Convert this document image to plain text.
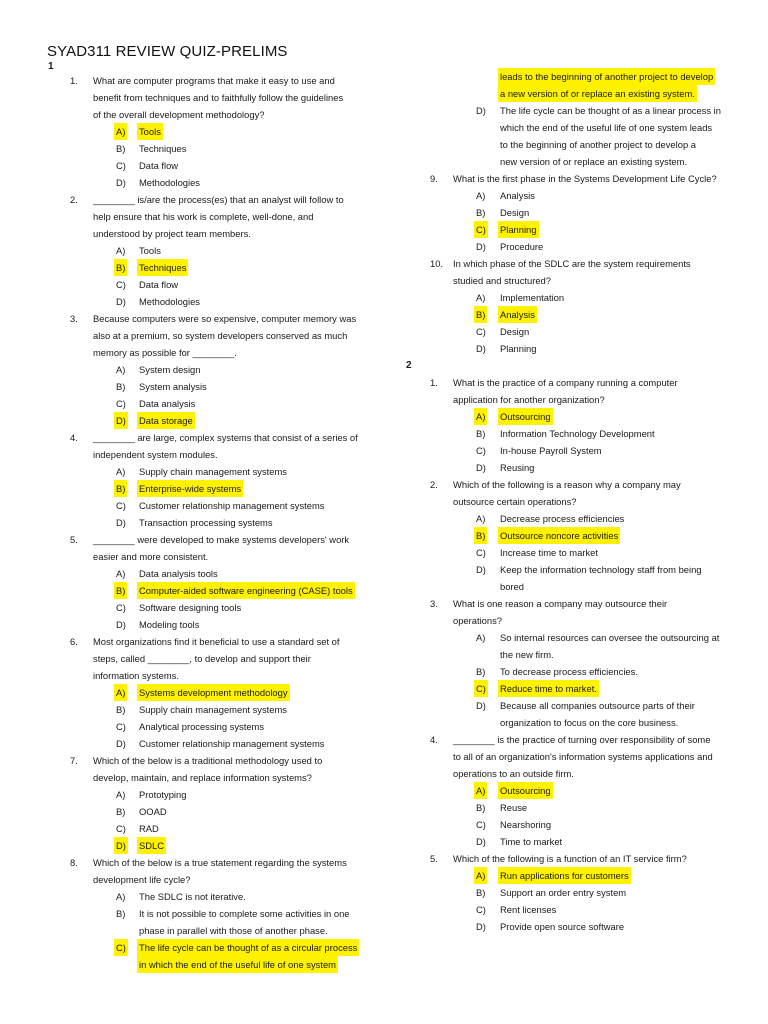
SYAD311 REVIEW QUIZ-PRELIMS
1
1. What are computer programs that make it easy to use and
benefit from techniques and to faithfully follow the guidelines
of the overall development methodology?
A) Tools
B) Techniques
C) Data flow
D) Methodologies
2. ________ is/are the process(es) that an analyst will follow to
help ensure that his work is complete, well-done, and
understood by project team members.
A) Tools
B) Techniques
C) Data flow
D) Methodologies
3. Because computers were so expensive, computer memory was
also at a premium, so system developers conserved as much
memory as possible for ________.
A) System design
B) System analysis
C) Data analysis
D) Data storage
4. ________ are large, complex systems that consist of a series of
independent system modules.
A) Supply chain management systems
B) Enterprise-wide systems
C) Customer relationship management systems
D) Transaction processing systems
5. ________ were developed to make systems developers' work
easier and more consistent.
A) Data analysis tools
B) Computer-aided software engineering (CASE) tools
C) Software designing tools
D) Modeling tools
6. Most organizations find it beneficial to use a standard set of
steps, called ________, to develop and support their
information systems.
A) Systems development methodology
B) Supply chain management systems
C) Analytical processing systems
D) Customer relationship management systems
7. Which of the below is a traditional methodology used to
develop, maintain, and replace information systems?
A) Prototyping
B) OOAD
C) RAD
D) SDLC
8. Which of the below is a true statement regarding the systems
development life cycle?
A) The SDLC is not iterative.
B) It is not possible to complete some activities in one
phase in parallel with those of another phase.
C) The life cycle can be thought of as a circular process
in which the end of the useful life of one system
leads to the beginning of another project to develop
a new version of or replace an existing system.
D) The life cycle can be thought of as a linear process in
which the end of the useful life of one system leads
to the beginning of another project to develop a
new version of or replace an existing system.
9. What is the first phase in the Systems Development Life Cycle?
A) Analysis
B) Design
C) Planning
D) Procedure
10. In which phase of the SDLC are the system requirements
studied and structured?
A) Implementation
B) Analysis
C) Design
D) Planning
2
1. What is the practice of a company running a computer
application for another organization?
A) Outsourcing
B) Information Technology Development
C) In-house Payroll System
D) Reusing
2. Which of the following is a reason why a company may
outsource certain operations?
A) Decrease process efficiencies
B) Outsource noncore activities
C) Increase time to market
D) Keep the information technology staff from being
bored
3. What is one reason a company may outsource their
operations?
A) So internal resources can oversee the outsourcing at
the new firm.
B) To decrease process efficiencies.
C) Reduce time to market.
D) Because all companies outsource parts of their
organization to focus on the core business.
4. ________ is the practice of turning over responsibility of some
to all of an organization's information systems applications and
operations to an outside firm.
A) Outsourcing
B) Reuse
C) Nearshoring
D) Time to market
5. Which of the following is a function of an IT service firm?
A) Run applications for customers
B) Support an order entry system
C) Rent licenses
D) Provide open source software
